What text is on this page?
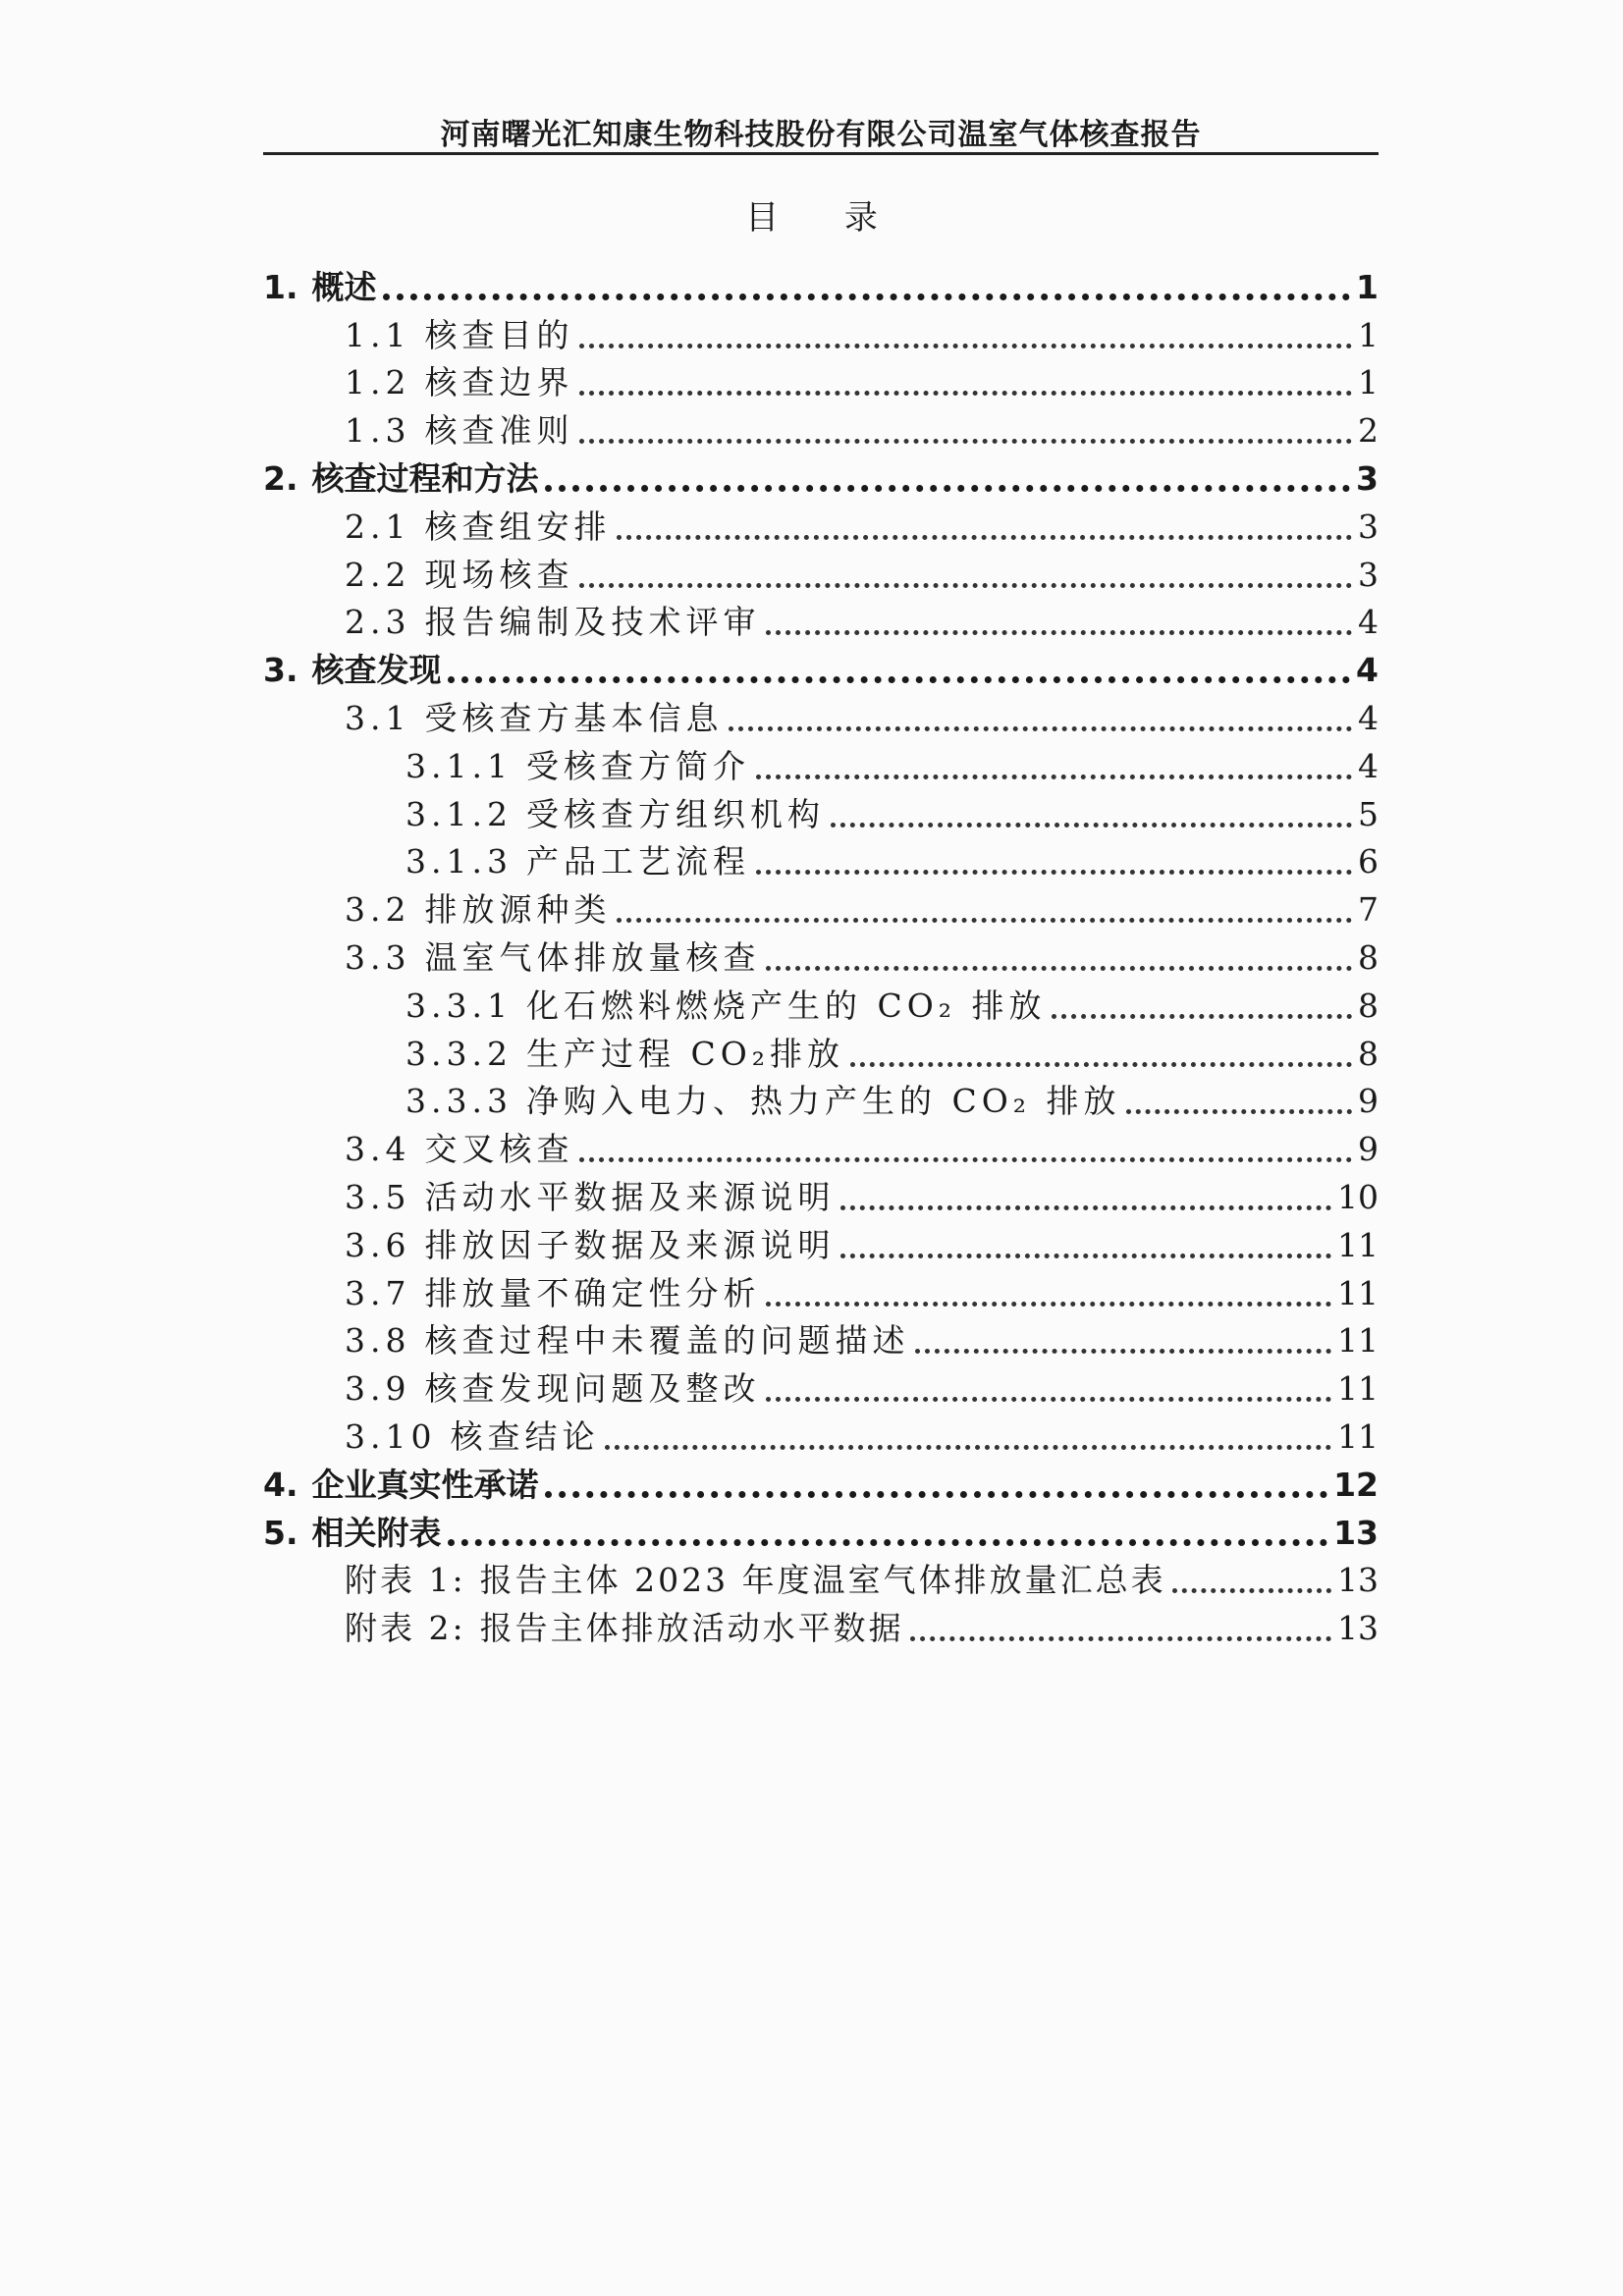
河南曙光汇知康生物科技股份有限公司温室气体核查报告
目 录
1. 概述	1
1.1 核查目的	1
1.2 核查边界	1
1.3 核查准则	2
2. 核查过程和方法	3
2.1 核查组安排	3
2.2 现场核查	3
2.3 报告编制及技术评审	4
3. 核查发现	4
3.1 受核查方基本信息	4
3.1.1 受核查方简介	4
3.1.2 受核查方组织机构	5
3.1.3 产品工艺流程	6
3.2 排放源种类	7
3.3 温室气体排放量核查	8
3.3.1 化石燃料燃烧产生的 CO₂ 排放	8
3.3.2 生产过程 CO₂排放	8
3.3.3 净购入电力、热力产生的 CO₂ 排放	9
3.4 交叉核查	9
3.5 活动水平数据及来源说明	10
3.6 排放因子数据及来源说明	11
3.7 排放量不确定性分析	11
3.8 核查过程中未覆盖的问题描述	11
3.9 核查发现问题及整改	11
3.10 核查结论	11
4. 企业真实性承诺	12
5. 相关附表	13
附表 1: 报告主体 2023 年度温室气体排放量汇总表	13
附表 2: 报告主体排放活动水平数据	13
